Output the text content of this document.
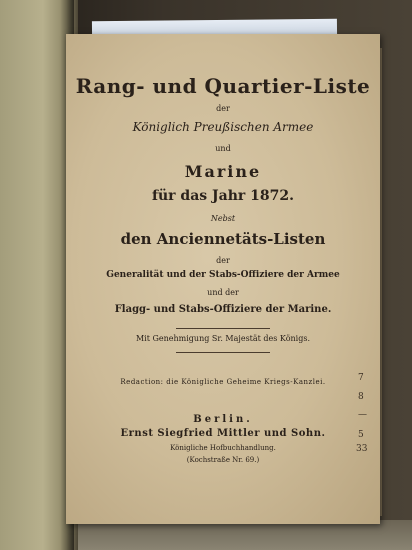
Rang- und Quartier-Liste
der
Königlich Preußischen Armee
und
Marine
für das Jahr 1872.
Nebst
den Anciennetäts-Listen
der
Generalität und der Stabs-Offiziere der Armee
und der
Flagg- und Stabs-Offiziere der Marine.
Mit Genehmigung Sr. Majestät des Königs.
Redaction: die Königliche Geheime Kriegs-Kanzlei.
Berlin.
Ernst Siegfried Mittler und Sohn.
Königliche Hofbuchhandlung.
(Kochstraße Nr. 69.)
7
8
—
5
33
